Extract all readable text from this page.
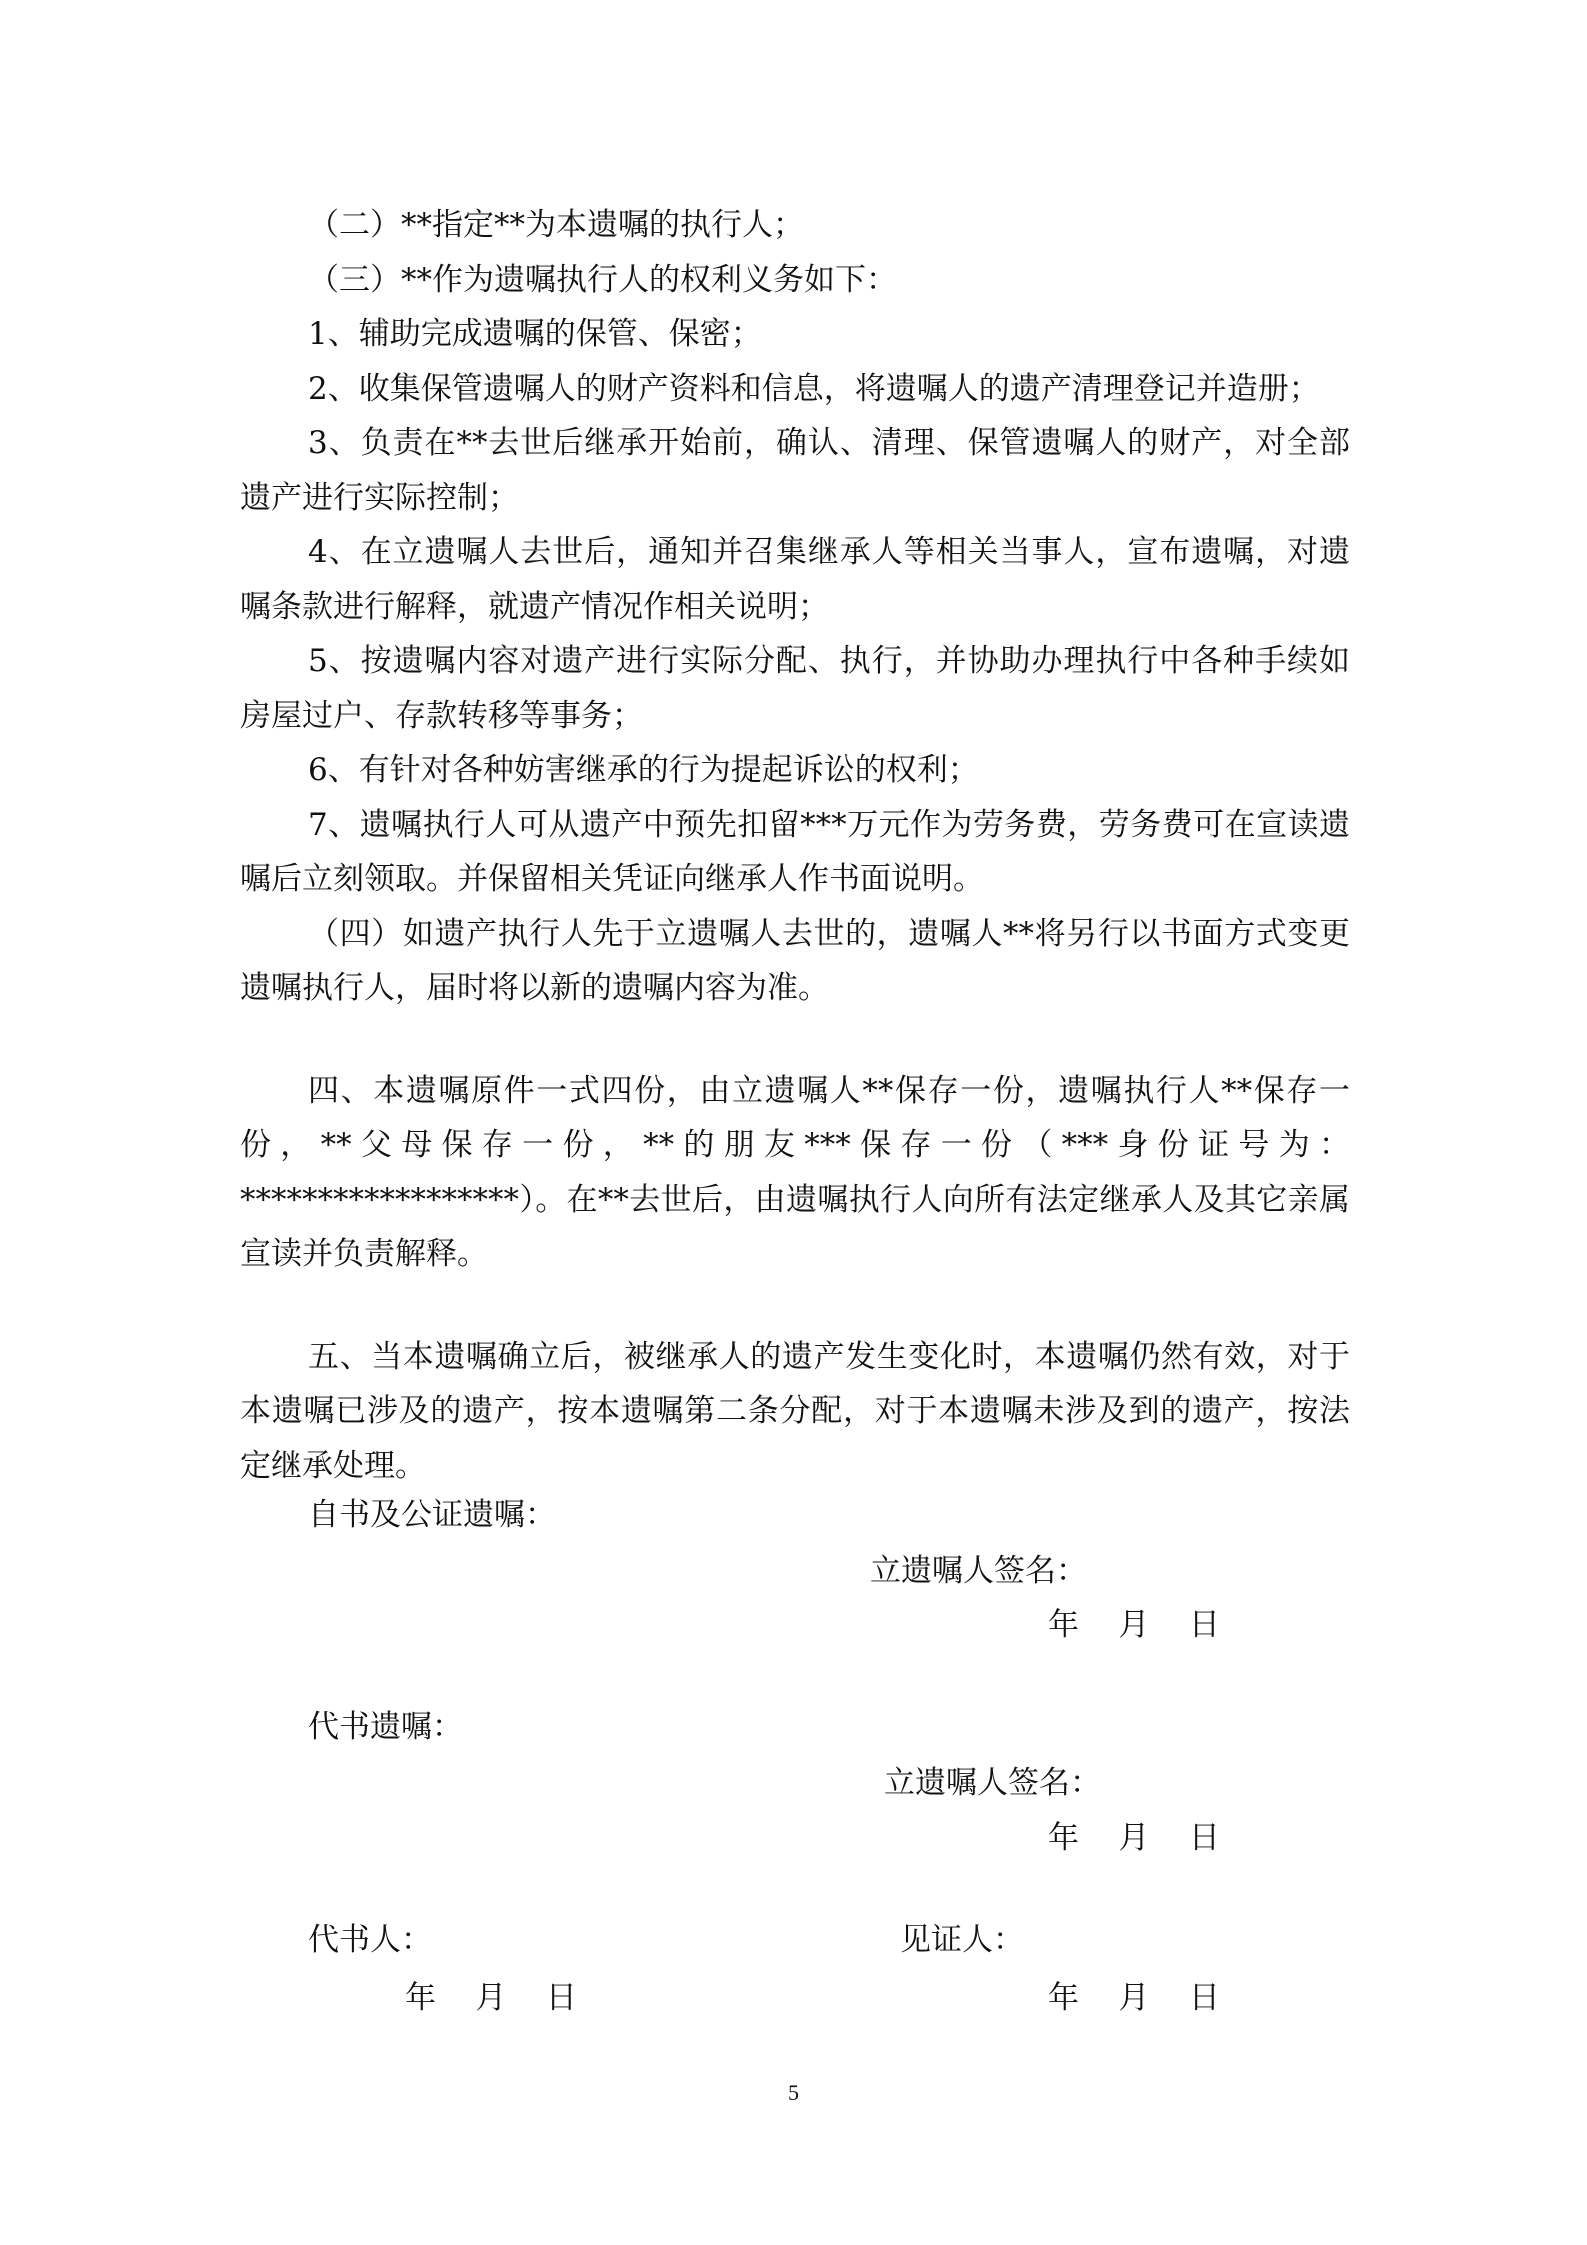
（二）**指定**为本遗嘱的执行人；

（三）**作为遗嘱执行人的权利义务如下：

1、辅助完成遗嘱的保管、保密；

2、收集保管遗嘱人的财产资料和信息，将遗嘱人的遗产清理登记并造册；

3、负责在**去世后继承开始前，确认、清理、保管遗嘱人的财产，对全部遗产进行实际控制；

4、在立遗嘱人去世后，通知并召集继承人等相关当事人，宣布遗嘱，对遗嘱条款进行解释，就遗产情况作相关说明；

5、按遗嘱内容对遗产进行实际分配、执行，并协助办理执行中各种手续如房屋过户、存款转移等事务；

6、有针对各种妨害继承的行为提起诉讼的权利；

7、遗嘱执行人可从遗产中预先扣留***万元作为劳务费，劳务费可在宣读遗嘱后立刻领取。并保留相关凭证向继承人作书面说明。

（四）如遗产执行人先于立遗嘱人去世的，遗嘱人**将另行以书面方式变更遗嘱执行人，届时将以新的遗嘱内容为准。

四、本遗嘱原件一式四份，由立遗嘱人**保存一份，遗嘱执行人**保存一份，**父母保存一份，**的朋友***保存一份（***身份证号为：******************）。在**去世后，由遗嘱执行人向所有法定继承人及其它亲属宣读并负责解释。

五、当本遗嘱确立后，被继承人的遗产发生变化时，本遗嘱仍然有效，对于本遗嘱已涉及的遗产，按本遗嘱第二条分配，对于本遗嘱未涉及到的遗产，按法定继承处理。

自书及公证遗嘱：
立遗嘱人签名：
年    月    日
代书遗嘱：
立遗嘱人签名：
年    月    日
代书人：	见证人：
年    月    日	年    月    日
5
